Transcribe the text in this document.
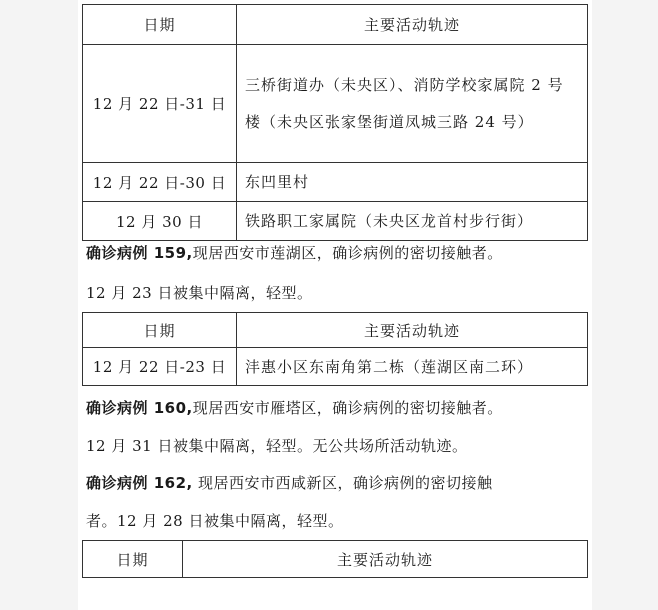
日期	主要活动轨迹
12 月 22 日-31 日	三桥街道办（未央区）、消防学校家属院 2 号楼（未央区张家堡街道凤城三路 24 号）
12 月 22 日-30 日	东凹里村
12 月 30 日	铁路职工家属院（未央区龙首村步行街）
确诊病例 159,现居西安市莲湖区，确诊病例的密切接触者。
12 月 23 日被集中隔离，轻型。
日期	主要活动轨迹
12 月 22 日-23 日	沣惠小区东南角第二栋（莲湖区南二环）
确诊病例 160,现居西安市雁塔区，确诊病例的密切接触者。
12 月 31 日被集中隔离，轻型。无公共场所活动轨迹。
确诊病例 162, 现居西安市西咸新区，确诊病例的密切接触
者。12 月 28 日被集中隔离，轻型。
日期	主要活动轨迹
